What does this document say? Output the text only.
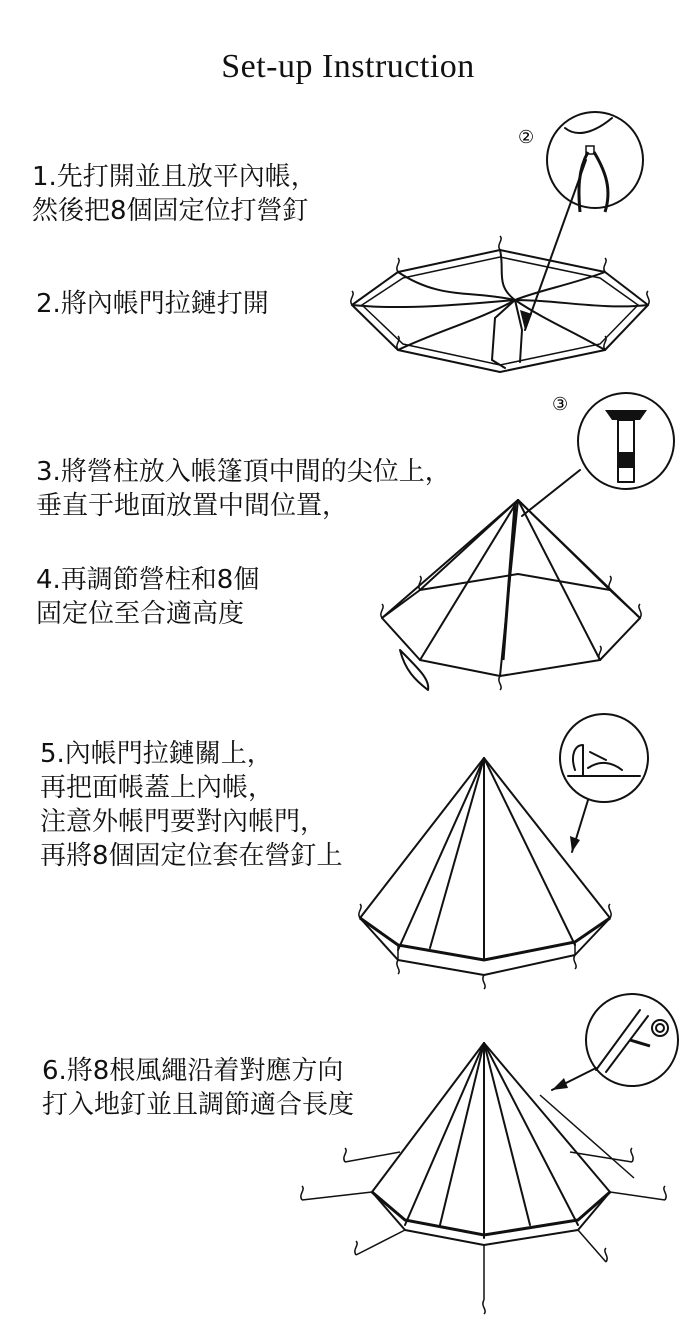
Set-up Instruction
1.先打開並且放平內帳，
然後把8個固定位打營釘
2.將內帳門拉鏈打開
3.將營柱放入帳篷頂中間的尖位上，
垂直于地面放置中間位置，
4.再調節營柱和8個
固定位至合適高度
5.內帳門拉鏈關上，
再把面帳蓋上內帳，
注意外帳門要對內帳門，
再將8個固定位套在營釘上
6.將8根風繩沿着對應方向
打入地釘並且調節適合長度
②
③
